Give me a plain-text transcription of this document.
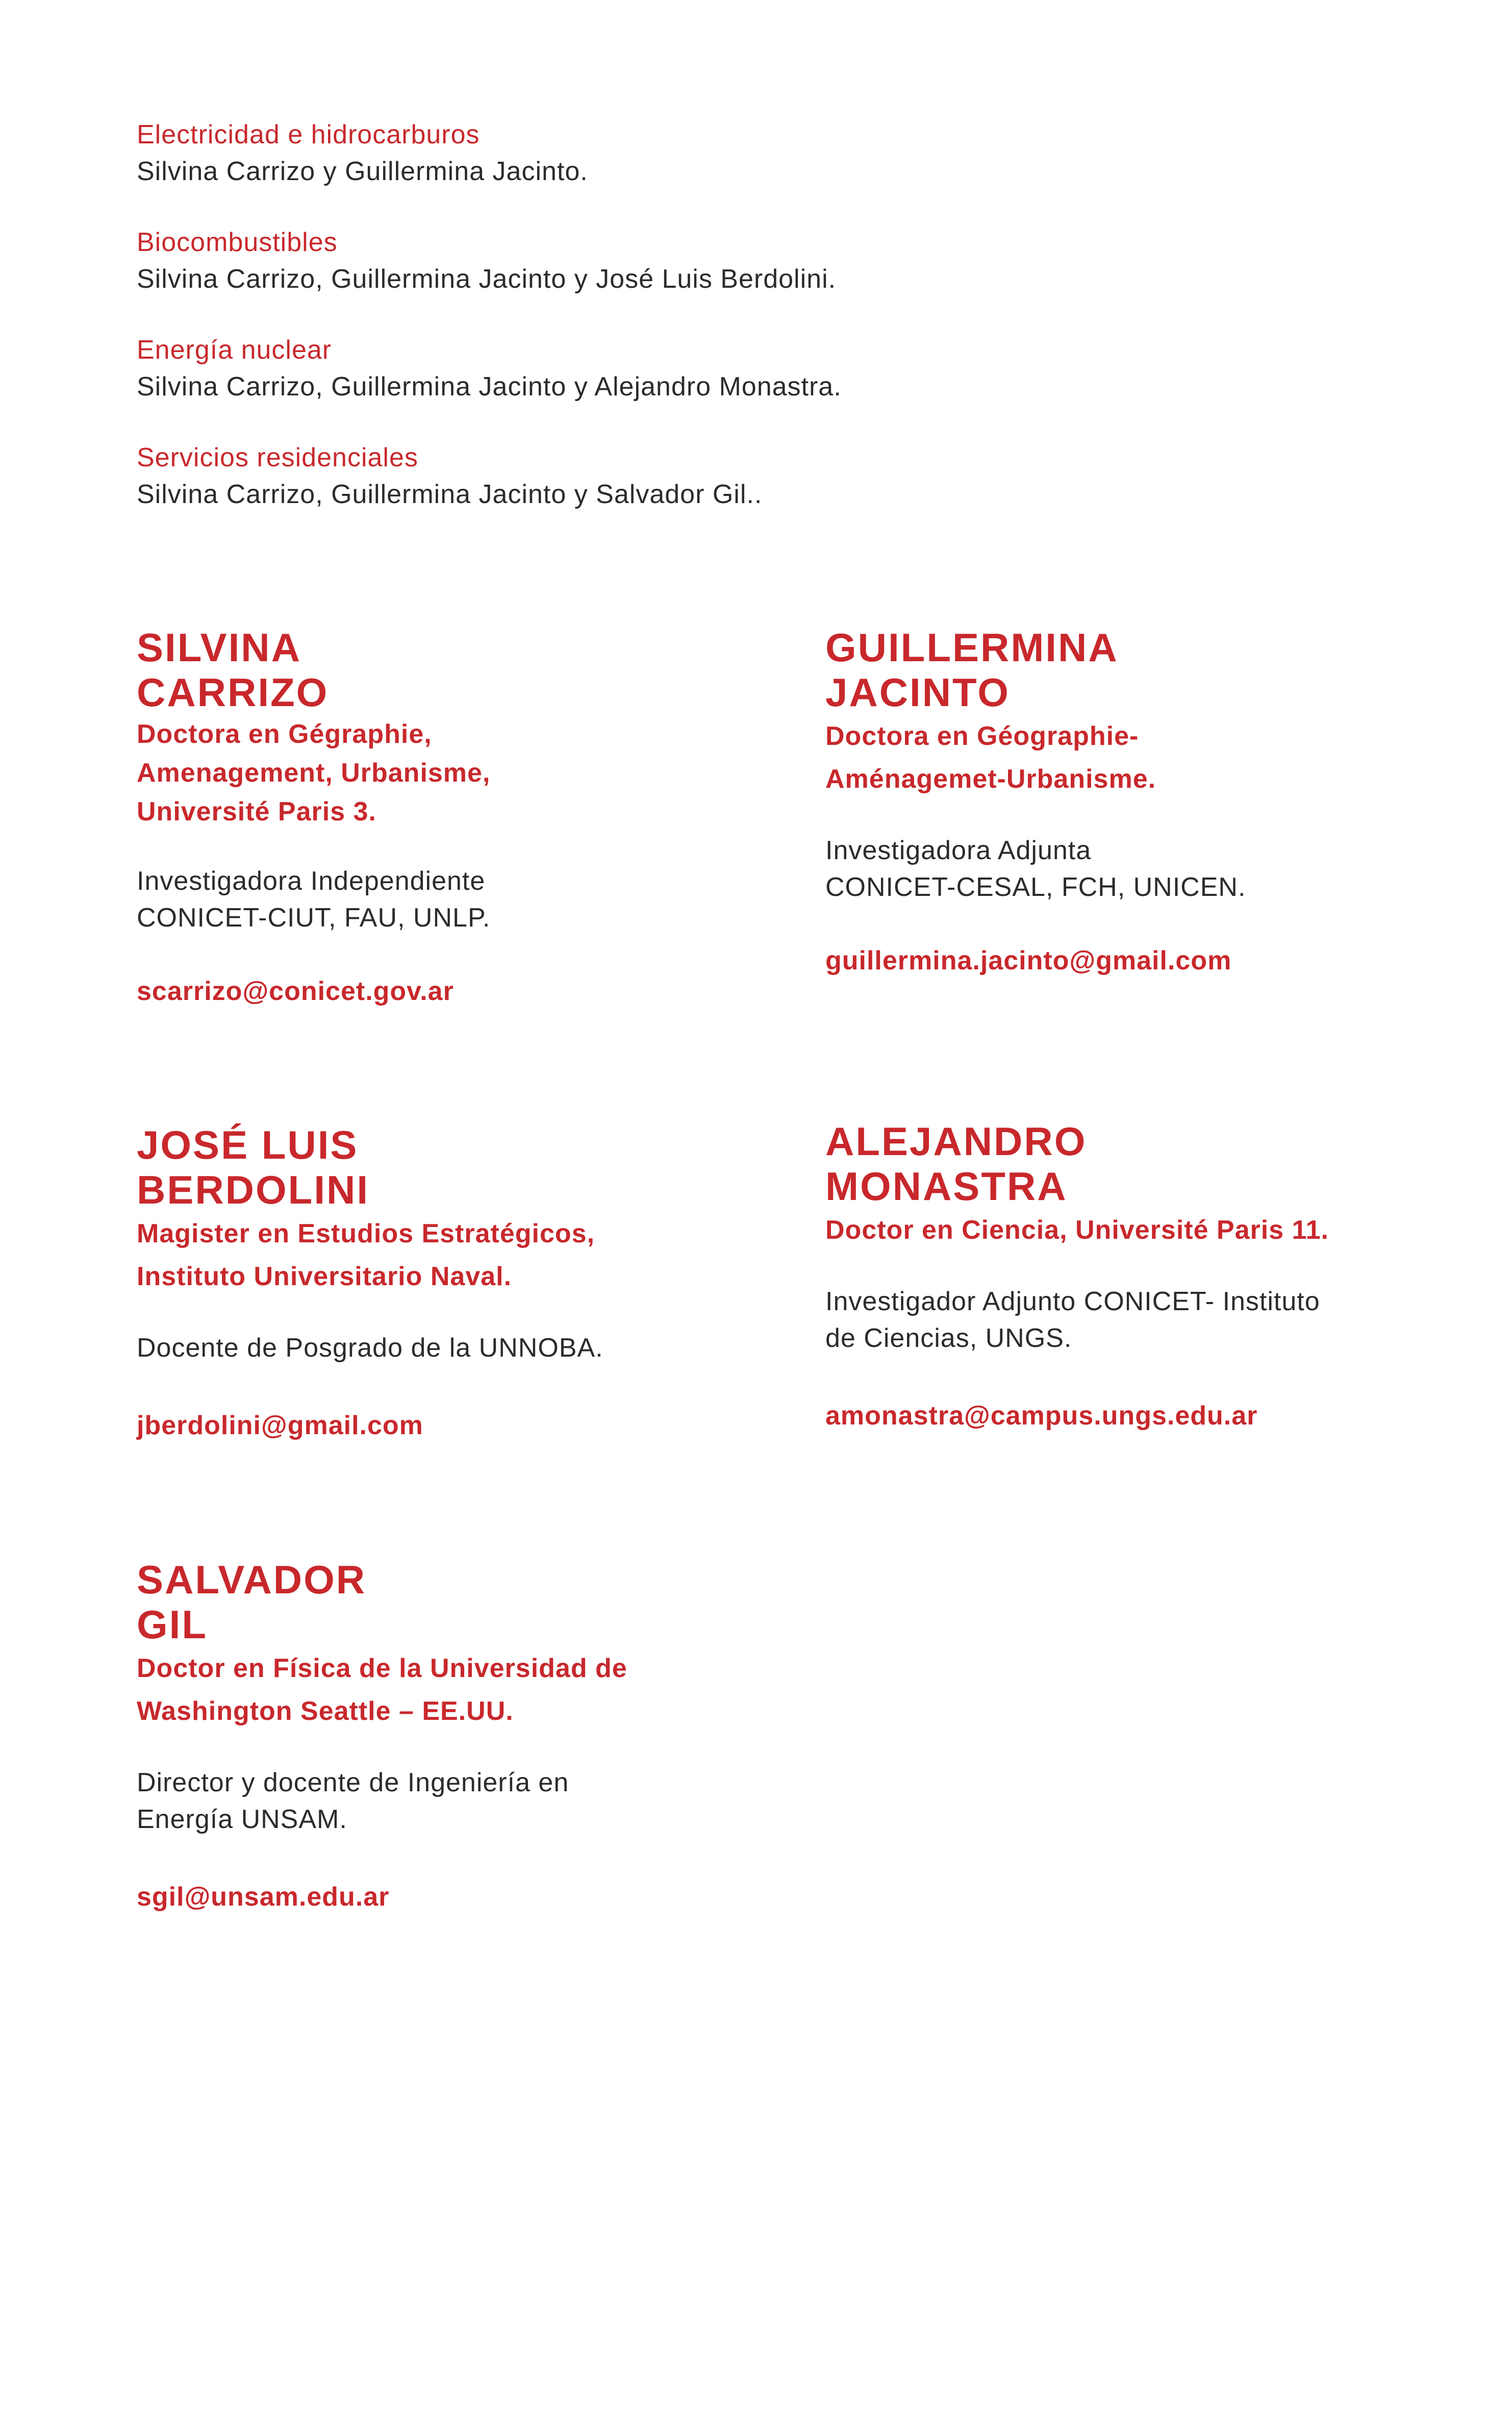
Electricidad e hidrocarburos
Silvina Carrizo y Guillermina Jacinto.
Biocombustibles
Silvina Carrizo, Guillermina Jacinto y José Luis Berdolini.
Energía nuclear
Silvina Carrizo, Guillermina Jacinto y Alejandro Monastra.
Servicios residenciales
Silvina Carrizo, Guillermina Jacinto y Salvador Gil..
SILVINA
CARRIZO
Doctora en Gégraphie,
Amenagement, Urbanisme,
Université Paris 3.
Investigadora Independiente
CONICET-CIUT, FAU, UNLP.
scarrizo@conicet.gov.ar
GUILLERMINA
JACINTO
Doctora en Géographie-
Aménagemet-Urbanisme.
Investigadora Adjunta
CONICET-CESAL, FCH, UNICEN.
guillermina.jacinto@gmail.com
JOSÉ LUIS
BERDOLINI
Magister en Estudios Estratégicos,
Instituto Universitario Naval.
Docente de Posgrado de la UNNOBA.
jberdolini@gmail.com
ALEJANDRO
MONASTRA
Doctor en Ciencia, Université Paris 11.
Investigador Adjunto CONICET- Instituto
de Ciencias, UNGS.
amonastra@campus.ungs.edu.ar
SALVADOR
GIL
Doctor en Física de la Universidad de
Washington Seattle – EE.UU.
Director y docente de Ingeniería en
Energía UNSAM.
sgil@unsam.edu.ar
